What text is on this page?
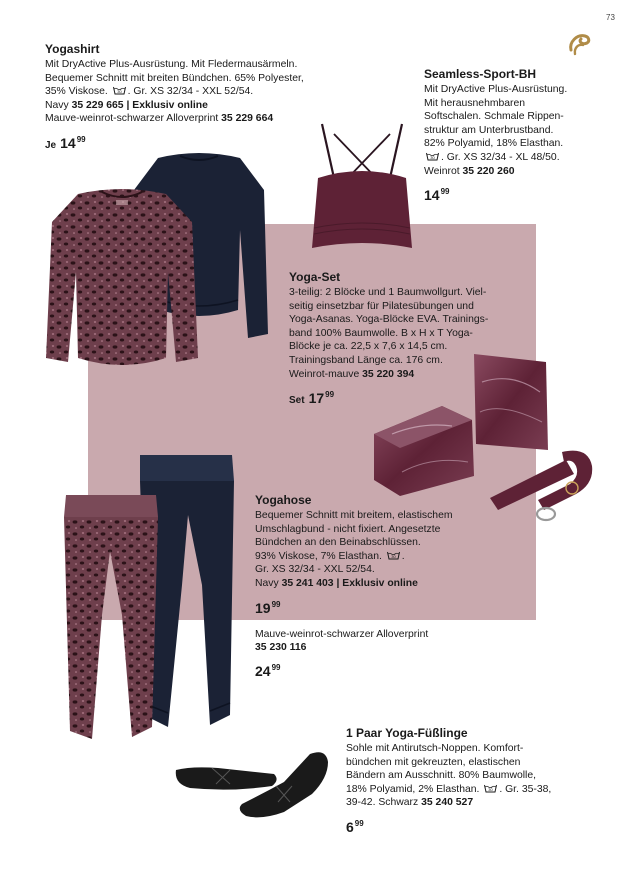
73
Yogashirt
Mit DryActive Plus-Ausrüstung. Mit Fledermausärmeln.
Bequemer Schnitt mit breiten Bündchen. 65% Polyester,
35% Viskose. 30 . Gr. XS 32/34 - XXL 52/54.
Navy 35 229 665 | Exklusiv online
Mauve-weinrot-schwarzer Alloverprint 35 229 664
Je $14^{99}$
Seamless-Sport-BH
Mit DryActive Plus-Ausrüstung.
Mit herausnehmbaren
Softschalen. Schmale Rippen-
struktur am Unterbrustband.
82% Polyamid, 18% Elasthan.
30 . Gr. XS 32/34 - XL 48/50.
Weinrot 35 220 260
$14^{99}$
Yoga-Set
3-teilig: 2 Blöcke und 1 Baumwollgurt. Viel-
seitig einsetzbar für Pilatesübungen und
Yoga-Asanas. Yoga-Blöcke EVA. Trainings-
band 100% Baumwolle. B x H x T Yoga-
Blöcke je ca. 22,5 x 7,6 x 14,5 cm.
Trainingsband Länge ca. 176 cm.
Weinrot-mauve 35 220 394
Set $17^{99}$
Yogahose
Bequemer Schnitt mit breitem, elastischem
Umschlagbund - nicht fixiert. Angesetzte
Bündchen an den Beinabschlüssen.
93% Viskose, 7% Elasthan. 30 .
Gr. XS 32/34 - XXL 52/54.
Navy 35 241 403 | Exklusiv online
$19^{99}$
Mauve-weinrot-schwarzer Alloverprint
35 230 116
$24^{99}$
1 Paar Yoga-Füßlinge
Sohle mit Antirutsch-Noppen. Komfort-
bündchen mit gekreuzten, elastischen
Bändern am Ausschnitt. 80% Baumwolle,
18% Polyamid, 2% Elasthan. 30 . Gr. 35-38,
39-42. Schwarz 35 240 527
$6^{99}$
